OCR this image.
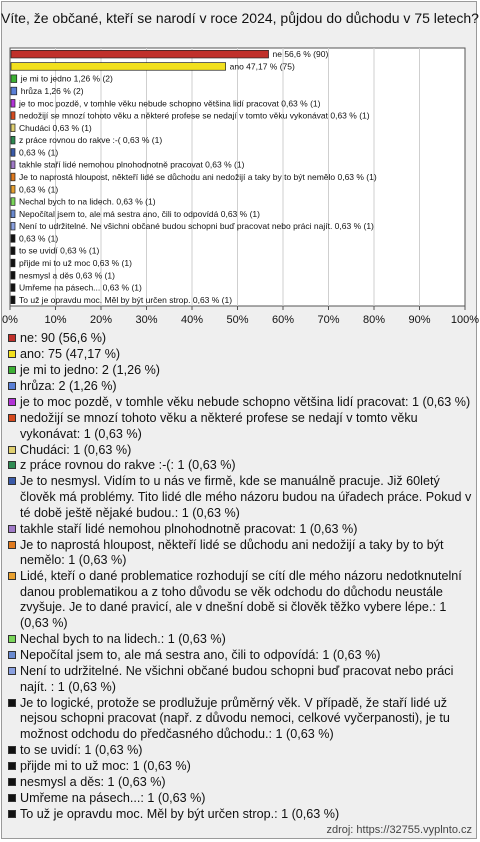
Víte, že občané, kteří se narodí v roce 2024, půjdou do důchodu v 75 letech?
0% 10% 20% 30% 40% 50% 60% 70% 80% 90% 100%
ne 56,6 % (90)
ano 47,17 % (75)
je mi to jedno 1,26 % (2)
hrůza 1,26 % (2)
je to moc pozdě, v tomhle věku nebude schopno většina lidí pracovat 0,63 % (1)
nedožijí se mnozí tohoto věku a některé profese se nedají v tomto věku vykonávat 0,63 % (1)
Chudáci 0,63 % (1)
z práce rovnou do rakve :-( 0,63 % (1)
0,63 % (1)
takhle staří lidé nemohou plnohodnotně pracovat 0,63 % (1)
Je to naprostá hloupost, někteří lidé se důchodu ani nedožijí a taky by to být nemělo 0,63 % (1)
0,63 % (1)
Nechal bych to na lidech. 0,63 % (1)
Nepočítal jsem to, ale má sestra ano, čili to odpovídá 0,63 % (1)
Není to udržitelné. Ne všichni občané budou schopni buď pracovat nebo práci najít. 0,63 % (1)
0,63 % (1)
to se uvidí 0,63 % (1)
přijde mi to už moc 0,63 % (1)
nesmysl a děs 0,63 % (1)
Umřeme na pásech... 0,63 % (1)
To už je opravdu moc. Měl by být určen strop. 0,63 % (1)
ne: 90 (56,6 %)
ano: 75 (47,17 %)
je mi to jedno: 2 (1,26 %)
hrůza: 2 (1,26 %)
je to moc pozdě, v tomhle věku nebude schopno většina lidí pracovat: 1 (0,63 %)
nedožijí se mnozí tohoto věku a některé profese se nedají v tomto věku vykonávat: 1 (0,63 %)
Chudáci: 1 (0,63 %)
z práce rovnou do rakve :-(: 1 (0,63 %)
Je to nesmysl. Vidím to u nás ve firmě, kde se manuálně pracuje. Již 60letý člověk má problémy. Tito lidé dle mého názoru budou na úřadech práce. Pokud v té době ještě nějaké budou.: 1 (0,63 %)
takhle staří lidé nemohou plnohodnotně pracovat: 1 (0,63 %)
Je to naprostá hloupost, někteří lidé se důchodu ani nedožijí a taky by to být nemělo: 1 (0,63 %)
Lidé, kteří o dané problematice rozhodují se cítí dle mého názoru nedotknutelní danou problematikou a z toho důvodu se věk odchodu do důchodu neustále zvyšuje. Je to dané pravicí, ale v dnešní době si člověk těžko vybere lépe.: 1 (0,63 %)
Nechal bych to na lidech.: 1 (0,63 %)
Nepočítal jsem to, ale má sestra ano, čili to odpovídá: 1 (0,63 %)
Není to udržitelné. Ne všichni občané budou schopni buď pracovat nebo práci najít. : 1 (0,63 %)
Je to logické, protože se prodlužuje průměrný věk. V případě, že staří lidé už nejsou schopni pracovat (např. z důvodu nemoci, celkové vyčerpanosti), je tu možnost odchodu do předčasného důchodu.: 1 (0,63 %)
to se uvidí: 1 (0,63 %)
přijde mi to už moc: 1 (0,63 %)
nesmysl a děs: 1 (0,63 %)
Umřeme na pásech...: 1 (0,63 %)
To už je opravdu moc. Měl by být určen strop.: 1 (0,63 %)
zdroj: https://32755.vyplnto.cz
